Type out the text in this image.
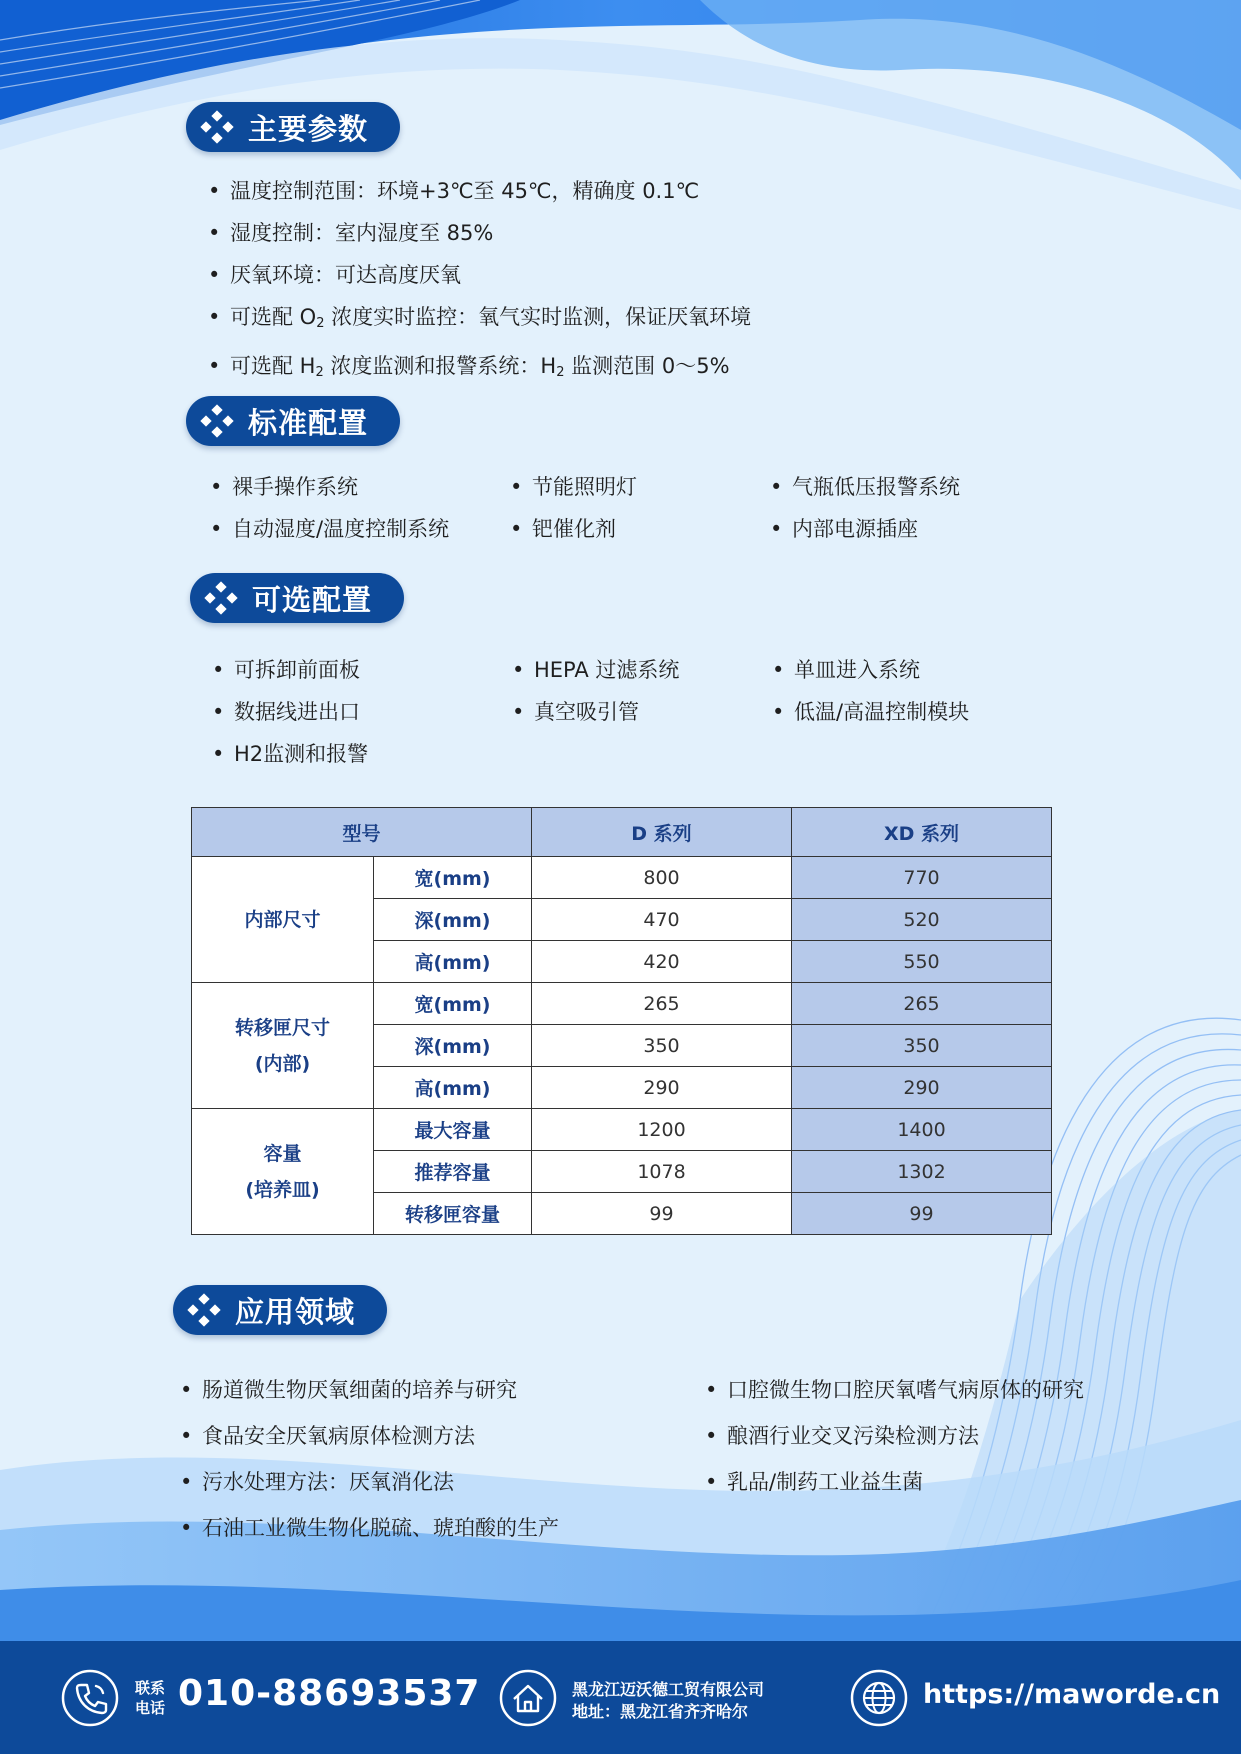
主要参数
• 温度控制范围：环境+3℃至 45℃，精确度 0.1℃
• 湿度控制：室内湿度至 85%
• 厌氧环境：可达高度厌氧
• 可选配 $O_2$ 浓度实时监控：氧气实时监测，保证厌氧环境
• 可选配 $H_2$ 浓度监测和报警系统：$H_2$ 监测范围 0～5%
标准配置
• 裸手操作系统	• 节能照明灯	• 气瓶低压报警系统
• 自动湿度/温度控制系统	• 钯催化剂	• 内部电源插座
可选配置
• 可拆卸前面板	• HEPA 过滤系统	• 单皿进入系统
• 数据线进出口	• 真空吸引管	• 低温/高温控制模块
• H2监测和报警
型号		D 系列	XD 系列

内部尺寸	宽(mm)	800	770
	深(mm)	470	520
	高(mm)	420	550

转移匣尺寸
(内部)	宽(mm)	265	265
	深(mm)	350	350
	高(mm)	290	290

容量
(培养皿)	最大容量	1200	1400
	推荐容量	1078	1302
	转移匣容量	99	99
应用领域
• 肠道微生物厌氧细菌的培养与研究	• 口腔微生物口腔厌氧嗜气病原体的研究
• 食品安全厌氧病原体检测方法	• 酿酒行业交叉污染检测方法
• 污水处理方法：厌氧消化法	• 乳品/制药工业益生菌
• 石油工业微生物化脱硫、琥珀酸的生产
联系
电话 010-88693537	黑龙江迈沃德工贸有限公司
地址：黑龙江省齐齐哈尔
https://maworde.cn
